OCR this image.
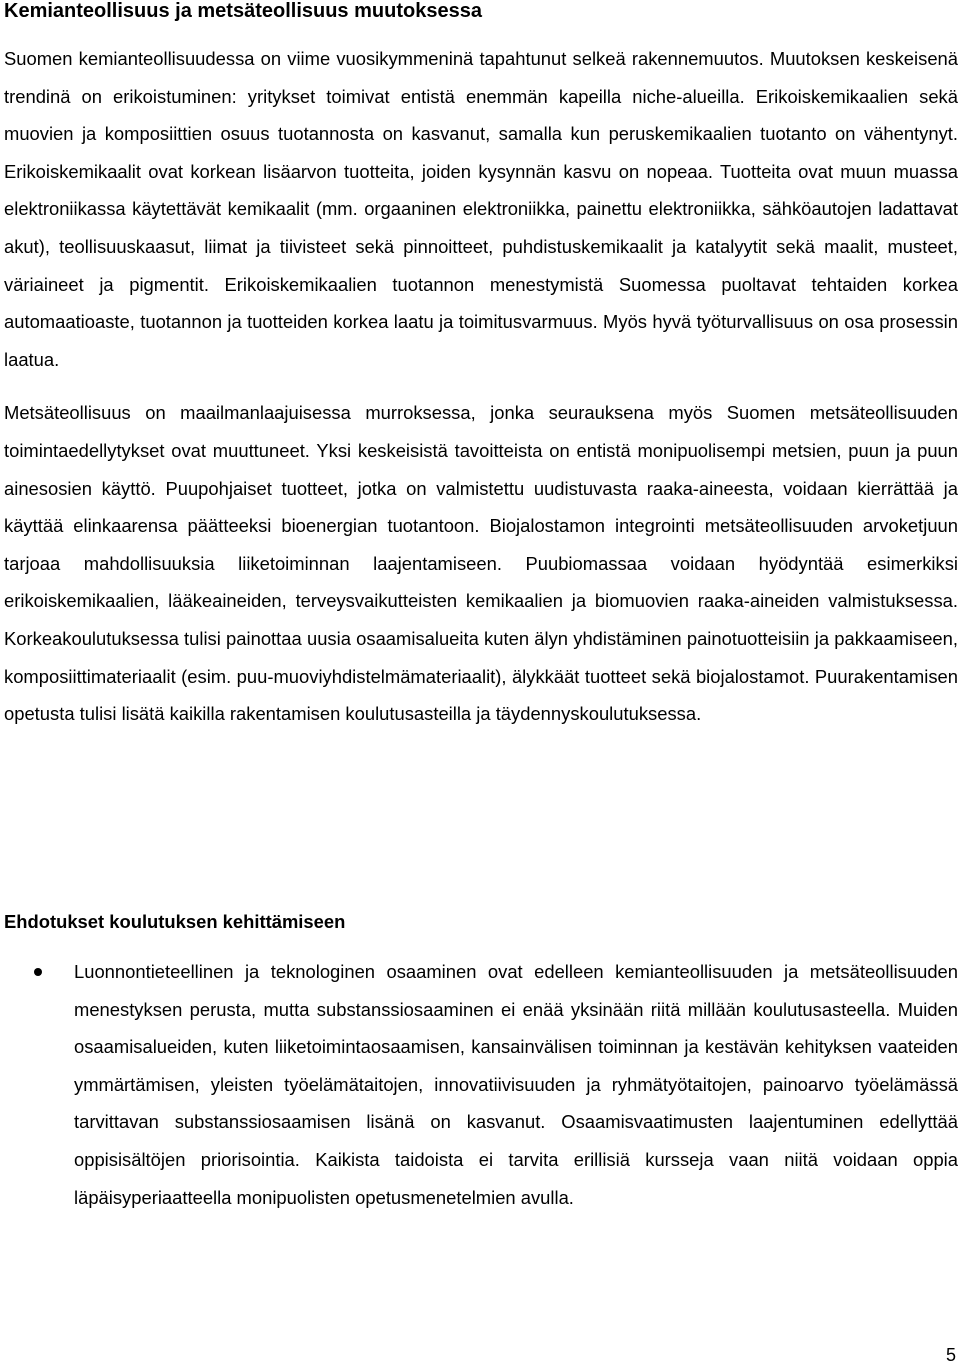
Kemianteollisuus ja metsäteollisuus muutoksessa

Suomen kemianteollisuudessa on viime vuosikymmeninä tapahtunut selkeä rakennemuutos. Muutoksen keskeisenä trendinä on erikoistuminen: yritykset toimivat entistä enemmän kapeilla niche-alueilla. Erikoiskemikaalien sekä muovien ja komposiittien osuus tuotannosta on kasvanut, samalla kun peruskemikaalien tuotanto on vähentynyt. Erikoiskemikaalit ovat korkean lisäarvon tuotteita, joiden kysynnän kasvu on nopeaa. Tuotteita ovat muun muassa elektroniikassa käytettävät kemikaalit (mm. orgaaninen elektroniikka, painettu elektroniikka, sähköautojen ladattavat akut), teollisuuskaasut, liimat ja tiivisteet sekä pinnoitteet, puhdistuskemikaalit ja katalyytit sekä maalit, musteet, väriaineet ja pigmentit. Erikoiskemikaalien tuotannon menestymistä Suomessa puoltavat tehtaiden korkea automaatioaste, tuotannon ja tuotteiden korkea laatu ja toimitusvarmuus. Myös hyvä työturvallisuus on osa prosessin laatua.

Metsäteollisuus on maailmanlaajuisessa murroksessa, jonka seurauksena myös Suomen metsäteollisuuden toimintaedellytykset ovat muuttuneet. Yksi keskeisistä tavoitteista on entistä monipuolisempi metsien, puun ja puun ainesosien käyttö. Puupohjaiset tuotteet, jotka on valmistettu uudistuvasta raaka-aineesta, voidaan kierrättää ja käyttää elinkaarensa päätteeksi bioenergian tuotantoon. Biojalostamon integrointi metsäteollisuuden arvoketjuun tarjoaa mahdollisuuksia liiketoiminnan laajentamiseen. Puubiomassaa voidaan hyödyntää esimerkiksi erikoiskemikaalien, lääkeaineiden, terveysvaikutteisten kemikaalien ja biomuovien raaka-aineiden valmistuksessa. Korkeakoulutuksessa tulisi painottaa uusia osaamisalueita kuten älyn yhdistäminen painotuotteisiin ja pakkaamiseen, komposiittimateriaalit (esim. puu-muoviyhdistelmämateriaalit), älykkäät tuotteet sekä biojalostamot. Puurakentamisen opetusta tulisi lisätä kaikilla rakentamisen koulutusasteilla ja täydennyskoulutuksessa.

Ehdotukset koulutuksen kehittämiseen
Luonnontieteellinen ja teknologinen osaaminen ovat edelleen kemianteollisuuden ja metsäteollisuuden menestyksen perusta, mutta substanssiosaaminen ei enää yksinään riitä millään koulutusasteella. Muiden osaamisalueiden, kuten liiketoimintaosaamisen, kansainvälisen toiminnan ja kestävän kehityksen vaateiden ymmärtämisen, yleisten työelämätaitojen, innovatiivisuuden ja ryhmätyötaitojen, painoarvo työelämässä tarvittavan substanssiosaamisen lisänä on kasvanut. Osaamisvaatimusten laajentuminen edellyttää oppisisältöjen priorisointia. Kaikista taidoista ei tarvita erillisiä kursseja vaan niitä voidaan oppia läpäisyperiaatteella monipuolisten opetusmenetelmien avulla.
5
